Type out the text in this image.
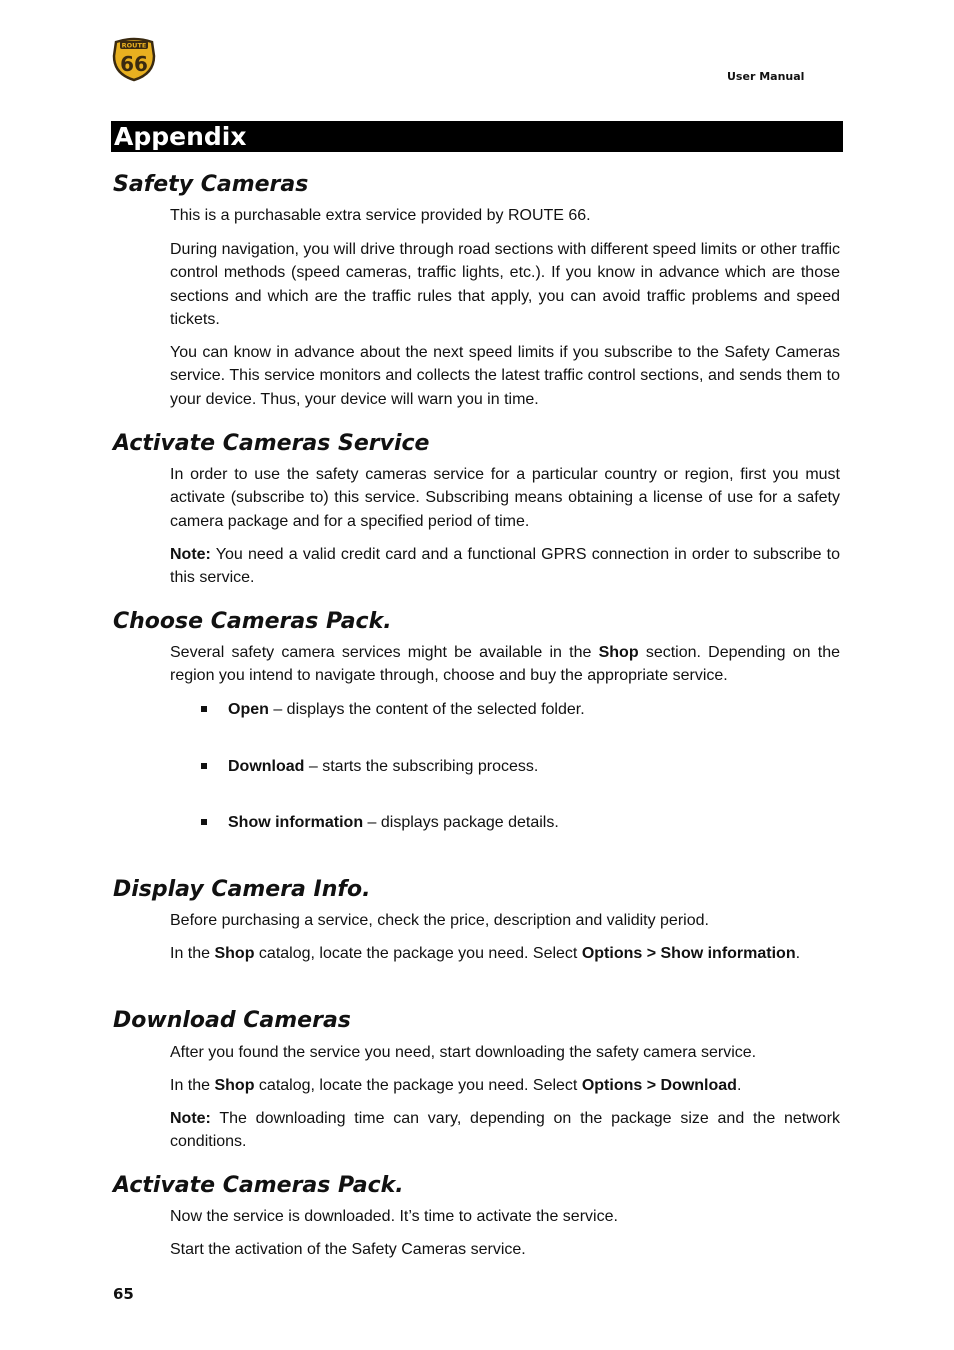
ROUTE
66
User Manual
Appendix
Safety Cameras

This is a purchasable extra service provided by ROUTE 66.

During navigation, you will drive through road sections with different speed limits or other traffic control methods (speed cameras, traffic lights, etc.). If you know in advance which are those sections and which are the traffic rules that apply, you can avoid traffic problems and speed tickets.

You can know in advance about the next speed limits if you subscribe to the Safety Cameras service. This service monitors and collects the latest traffic control sections, and sends them to your device. Thus, your device will warn you in time.

Activate Cameras Service

In order to use the safety cameras service for a particular country or region, first you must activate (subscribe to) this service. Subscribing means obtaining a license of use for a safety camera package and for a specified period of time.

Note: You need a valid credit card and a functional GPRS connection in order to subscribe to this service.

Choose Cameras Pack.

Several safety camera services might be available in the Shop section. Depending on the region you intend to navigate through, choose and buy the appropriate service.

Open – displays the content of the selected folder.
Download – starts the subscribing process.
Show information – displays package details.
Display Camera Info.

Before purchasing a service, check the price, description and validity period.

In the Shop catalog, locate the package you need. Select Options > Show information.

Download Cameras

After you found the service you need, start downloading the safety camera service.

In the Shop catalog, locate the package you need. Select Options > Download.

Note: The downloading time can vary, depending on the package size and the network conditions.

Activate Cameras Pack.

Now the service is downloaded. It’s time to activate the service.

Start the activation of the Safety Cameras service.

65
